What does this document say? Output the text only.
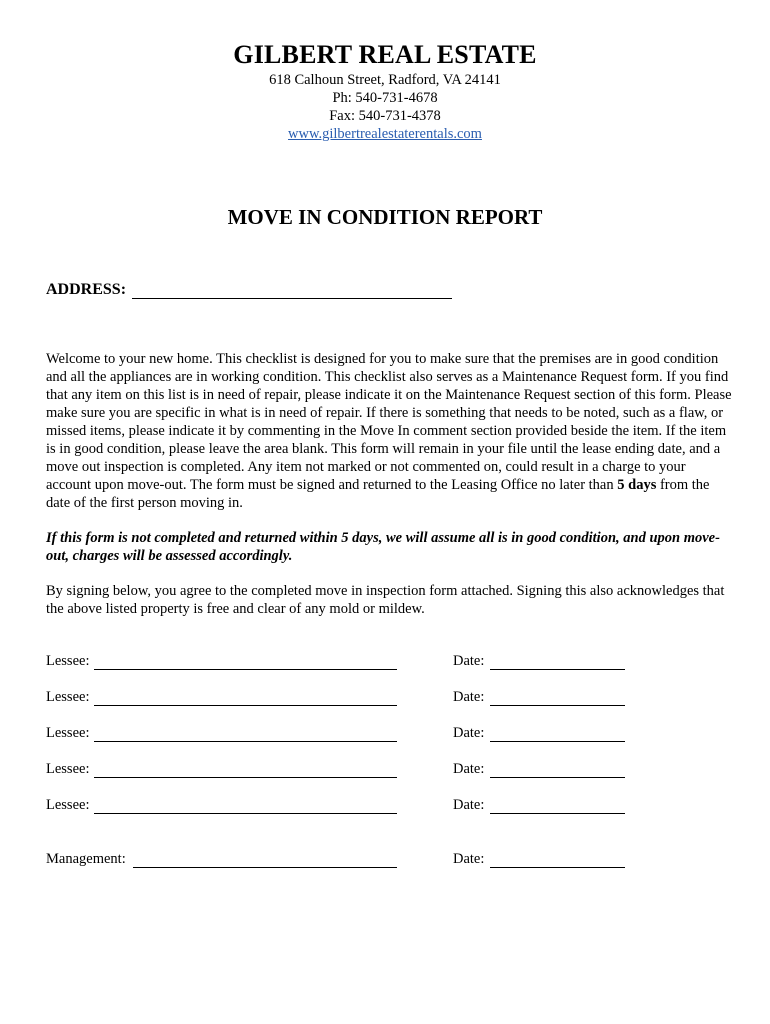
GILBERT REAL ESTATE
618 Calhoun Street, Radford, VA 24141
Ph: 540-731-4678
Fax: 540-731-4378
www.gilbertrealestaterentals.com
MOVE IN CONDITION REPORT
ADDRESS:
Welcome to your new home. This checklist is designed for you to make sure that the premises are in good condition and all the appliances are in working condition. This checklist also serves as a Maintenance Request form. If you find that any item on this list is in need of repair, please indicate it on the Maintenance Request section of this form. Please make sure you are specific in what is in need of repair. If there is something that needs to be noted, such as a flaw, or missed items, please indicate it by commenting in the Move In comment section provided beside the item. If the item is in good condition, please leave the area blank. This form will remain in your file until the lease ending date, and a move out inspection is completed. Any item not marked or not commented on, could result in a charge to your account upon move-out. The form must be signed and returned to the Leasing Office no later than 5 days from the date of the first person moving in.
If this form is not completed and returned within 5 days, we will assume all is in good condition, and upon move-out, charges will be assessed accordingly.
By signing below, you agree to the completed move in inspection form attached. Signing this also acknowledges that the above listed property is free and clear of any mold or mildew.
Lessee:	Date:
Lessee:	Date:
Lessee:	Date:
Lessee:	Date:
Lessee:	Date:
Management:	Date:
